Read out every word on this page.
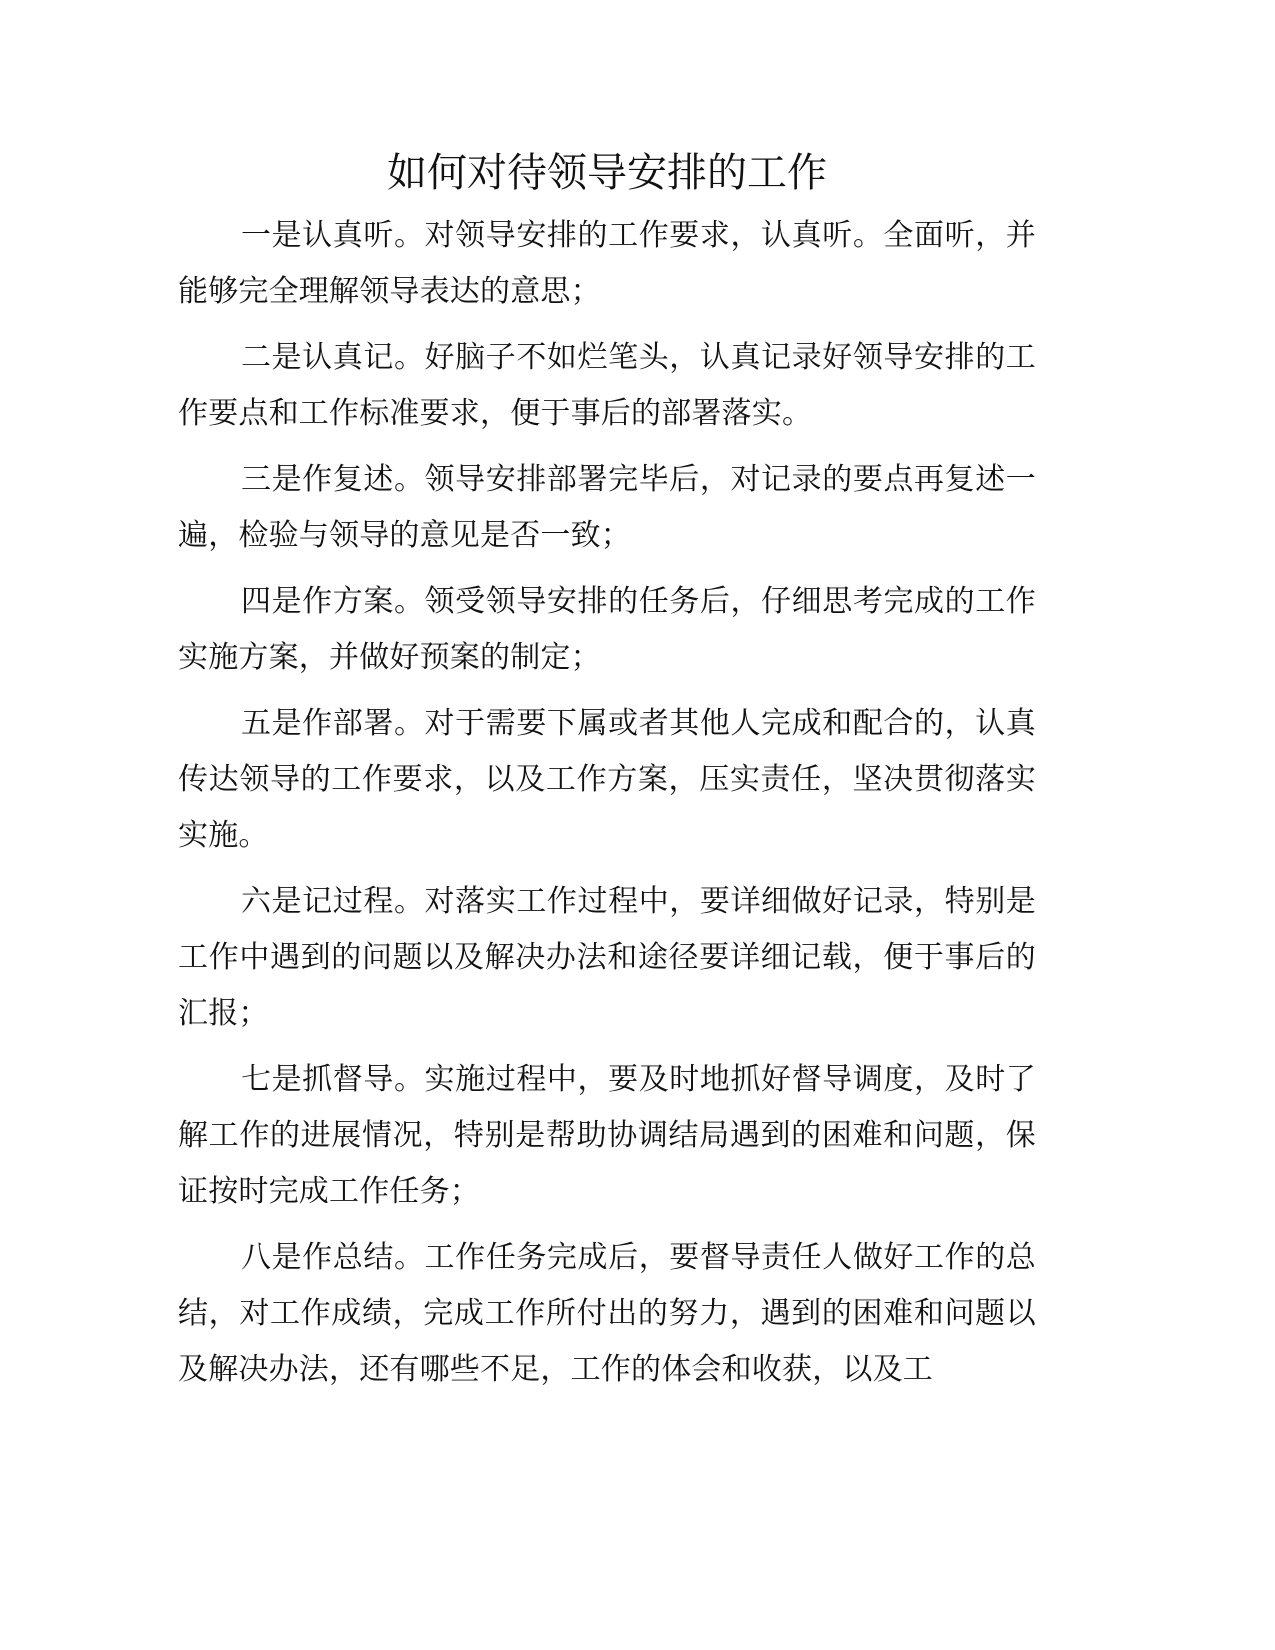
如何对待领导安排的工作

一是认真听。对领导安排的工作要求，认真听。全面听，并能够完全理解领导表达的意思；

二是认真记。好脑子不如烂笔头，认真记录好领导安排的工作要点和工作标准要求，便于事后的部署落实。

三是作复述。领导安排部署完毕后，对记录的要点再复述一遍，检验与领导的意见是否一致；

四是作方案。领受领导安排的任务后，仔细思考完成的工作实施方案，并做好预案的制定；

五是作部署。对于需要下属或者其他人完成和配合的，认真传达领导的工作要求，以及工作方案，压实责任，坚决贯彻落实实施。

六是记过程。对落实工作过程中，要详细做好记录，特别是工作中遇到的问题以及解决办法和途径要详细记载，便于事后的汇报；

七是抓督导。实施过程中，要及时地抓好督导调度，及时了解工作的进展情况，特别是帮助协调结局遇到的困难和问题，保证按时完成工作任务；

八是作总结。工作任务完成后，要督导责任人做好工作的总结，对工作成绩，完成工作所付出的努力，遇到的困难和问题以及解决办法，还有哪些不足，工作的体会和收获，以及工
